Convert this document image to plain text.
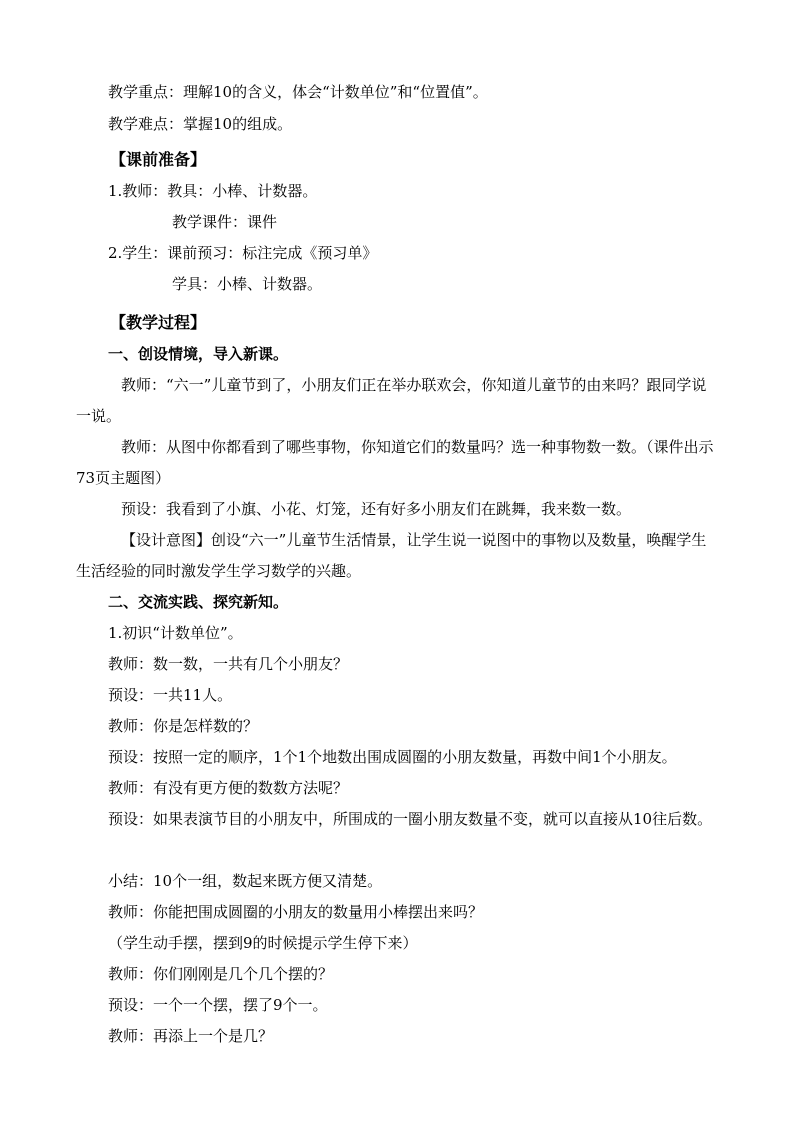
教学重点：理解10的含义，体会“计数单位”和“位置值”。
教学难点：掌握10的组成。
【课前准备】
1.教师：教具：小棒、计数器。
教学课件：课件
2.学生：课前预习：标注完成《预习单》
学具：小棒、计数器。
【教学过程】
一、创设情境，导入新课。
教师：“六一”儿童节到了，小朋友们正在举办联欢会，你知道儿童节的由来吗？跟同学说一说。
教师：从图中你都看到了哪些事物，你知道它们的数量吗？选一种事物数一数。（课件出示73页主题图）
预设：我看到了小旗、小花、灯笼，还有好多小朋友们在跳舞，我来数一数。
【设计意图】创设“六一”儿童节生活情景，让学生说一说图中的事物以及数量，唤醒学生生活经验的同时激发学生学习数学的兴趣。
二、交流实践、探究新知。
1.初识“计数单位”。
教师：数一数，一共有几个小朋友？
预设：一共11人。
教师：你是怎样数的？
预设：按照一定的顺序，1个1个地数出围成圆圈的小朋友数量，再数中间1个小朋友。
教师：有没有更方便的数数方法呢？
预设：如果表演节目的小朋友中，所围成的一圈小朋友数量不变，就可以直接从10往后数。
小结：10个一组，数起来既方便又清楚。
教师：你能把围成圆圈的小朋友的数量用小棒摆出来吗？
（学生动手摆，摆到9的时候提示学生停下来）
教师：你们刚刚是几个几个摆的？
预设：一个一个摆，摆了9个一。
教师：再添上一个是几？
